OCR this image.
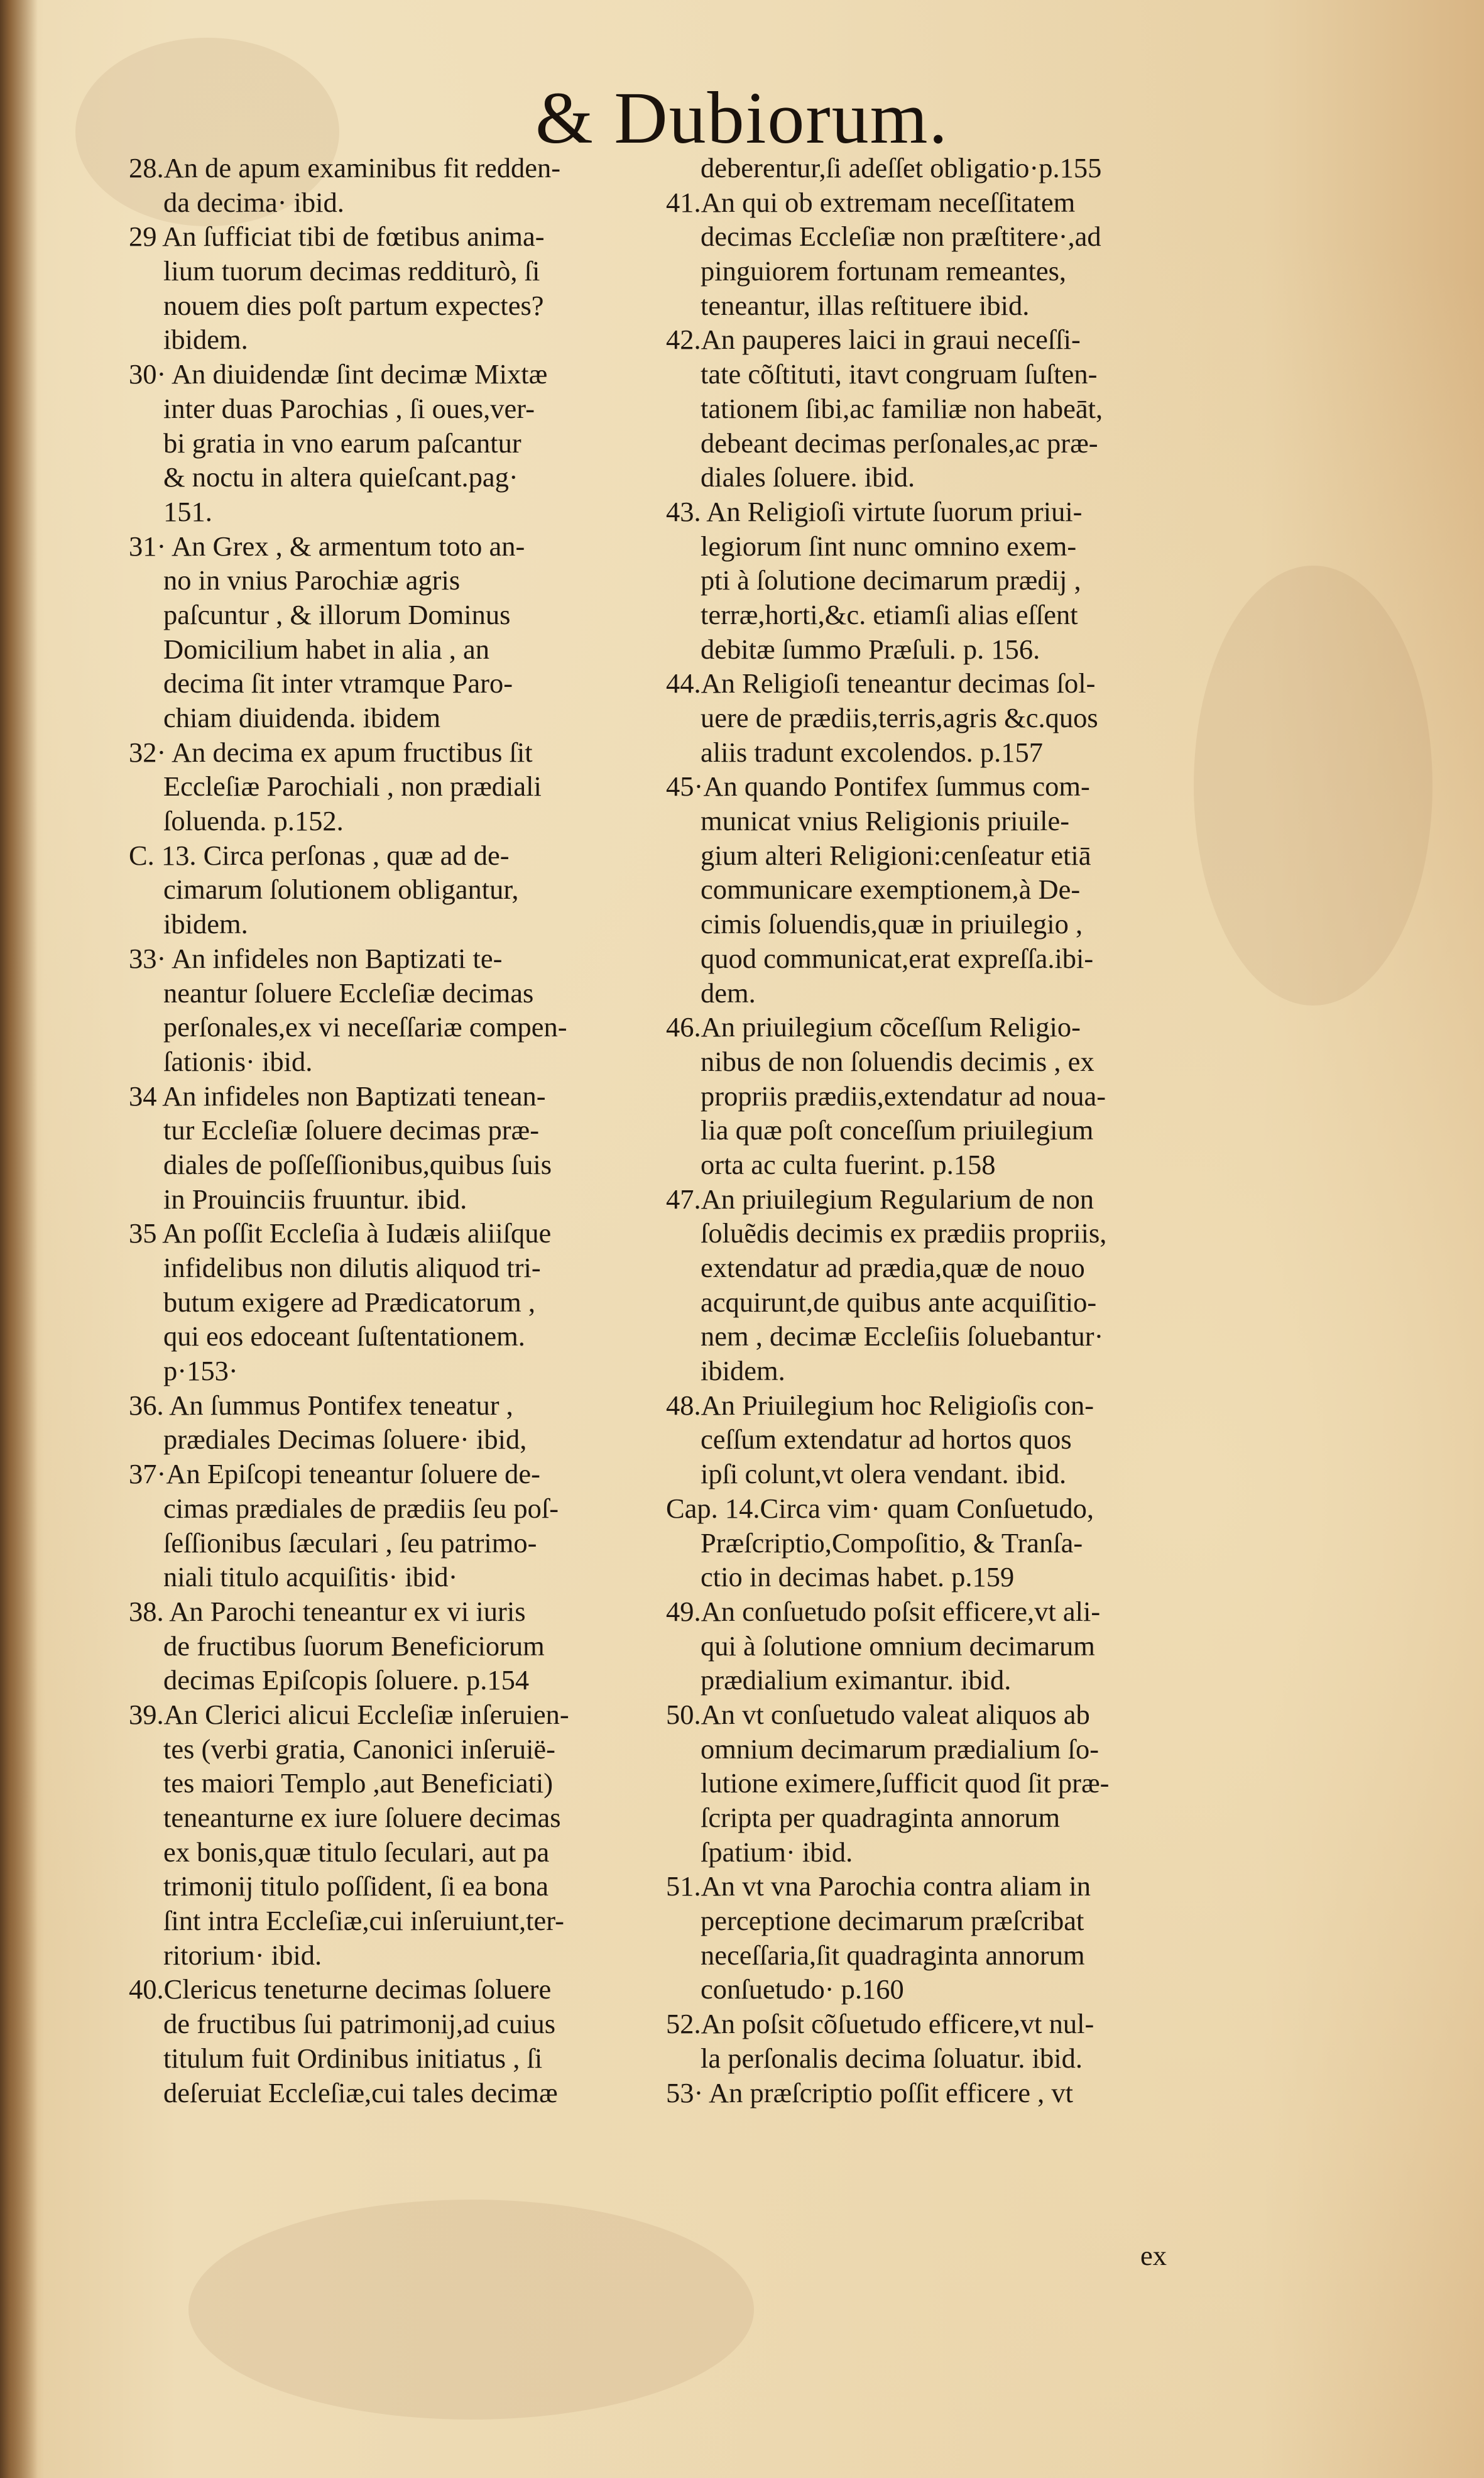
& Dubiorum.
28.An de apum examinibus fit redden-
da decima· ibid.
29 An ſufficiat tibi de fœtibus anima-
lium tuorum decimas redditurò, ſi
nouem dies poſt partum expectes?
ibidem.
30· An diuidendæ ſint decimæ Mixtæ
inter duas Parochias , ſi oues,ver-
bi gratia in vno earum paſcantur
& noctu in altera quieſcant.pag·
151.
31· An Grex , & armentum toto an-
no in vnius Parochiæ agris
paſcuntur , & illorum Dominus
Domicilium habet in alia , an
decima ſit inter vtramque Paro-
chiam diuidenda. ibidem
32· An decima ex apum fructibus ſit
Eccleſiæ Parochiali , non prædiali
ſoluenda. p.152.
C. 13. Circa perſonas , quæ ad de-
cimarum ſolutionem obligantur,
ibidem.
33· An infideles non Baptizati te-
neantur ſoluere Eccleſiæ decimas
perſonales,ex vi neceſſariæ compen-
ſationis· ibid.
34 An infideles non Baptizati tenean-
tur Eccleſiæ ſoluere decimas præ-
diales de poſſeſſionibus,quibus ſuis
in Prouinciis fruuntur. ibid.
35 An poſſit Eccleſia à Iudæis aliiſque
infidelibus non dilutis aliquod tri-
butum exigere ad Prædicatorum ,
qui eos edoceant ſuſtentationem.
p·153·
36. An ſummus Pontifex teneatur ,
prædiales Decimas ſoluere· ibid,
37·An Epiſcopi teneantur ſoluere de-
cimas prædiales de prædiis ſeu poſ-
ſeſſionibus ſæculari , ſeu patrimo-
niali titulo acquiſitis· ibid·
38. An Parochi teneantur ex vi iuris
de fructibus ſuorum Beneficiorum
decimas Epiſcopis ſoluere. p.154
39.An Clerici alicui Eccleſiæ inſeruien-
tes (verbi gratia, Canonici inſeruië-
tes maiori Templo ,aut Beneficiati)
teneanturne ex iure ſoluere decimas
ex bonis,quæ titulo ſeculari, aut pa
trimonij titulo poſſident, ſi ea bona
ſint intra Eccleſiæ,cui inſeruiunt,ter-
ritorium· ibid.
40.Clericus teneturne decimas ſoluere
de fructibus ſui patrimonij,ad cuius
titulum fuit Ordinibus initiatus , ſi
deſeruiat Eccleſiæ,cui tales decimæ
deberentur,ſi adeſſet obligatio·p.155
41.An qui ob extremam neceſſitatem
decimas Eccleſiæ non præſtitere·,ad
pinguiorem fortunam remeantes,
teneantur, illas reſtituere ibid.
42.An pauperes laici in graui neceſſi-
tate cõſtituti, itavt congruam ſuſten-
tationem ſibi,ac familiæ non habeāt,
debeant decimas perſonales,ac præ-
diales ſoluere. ibid.
43. An Religioſi virtute ſuorum priui-
legiorum ſint nunc omnino exem-
pti à ſolutione decimarum prædij ,
terræ,horti,&c. etiamſi alias eſſent
debitæ ſummo Præſuli. p. 156.
44.An Religioſi teneantur decimas ſol-
uere de prædiis,terris,agris &c.quos
aliis tradunt excolendos. p.157
45·An quando Pontifex ſummus com-
municat vnius Religionis priuile-
gium alteri Religioni:cenſeatur etiā
communicare exemptionem,à De-
cimis ſoluendis,quæ in priuilegio ,
quod communicat,erat expreſſa.ibi-
dem.
46.An priuilegium cõceſſum Religio-
nibus de non ſoluendis decimis , ex
propriis prædiis,extendatur ad noua-
lia quæ poſt conceſſum priuilegium
orta ac culta fuerint. p.158
47.An priuilegium Regularium de non
ſoluẽdis decimis ex prædiis propriis,
extendatur ad prædia,quæ de nouo
acquirunt,de quibus ante acquiſitio-
nem , decimæ Eccleſiis ſoluebantur·
ibidem.
48.An Priuilegium hoc Religioſis con-
ceſſum extendatur ad hortos quos
ipſi colunt,vt olera vendant. ibid.
Cap. 14.Circa vim· quam Conſuetudo,
Præſcriptio,Compoſitio, & Tranſa-
ctio in decimas habet. p.159
49.An conſuetudo poſsit efficere,vt ali-
qui à ſolutione omnium decimarum
prædialium eximantur. ibid.
50.An vt conſuetudo valeat aliquos ab
omnium decimarum prædialium ſo-
lutione eximere,ſufficit quod ſit præ-
ſcripta per quadraginta annorum
ſpatium· ibid.
51.An vt vna Parochia contra aliam in
perceptione decimarum præſcribat
neceſſaria,ſit quadraginta annorum
conſuetudo· p.160
52.An poſsit cõſuetudo efficere,vt nul-
la perſonalis decima ſoluatur. ibid.
53· An præſcriptio poſſit efficere , vt
ex
